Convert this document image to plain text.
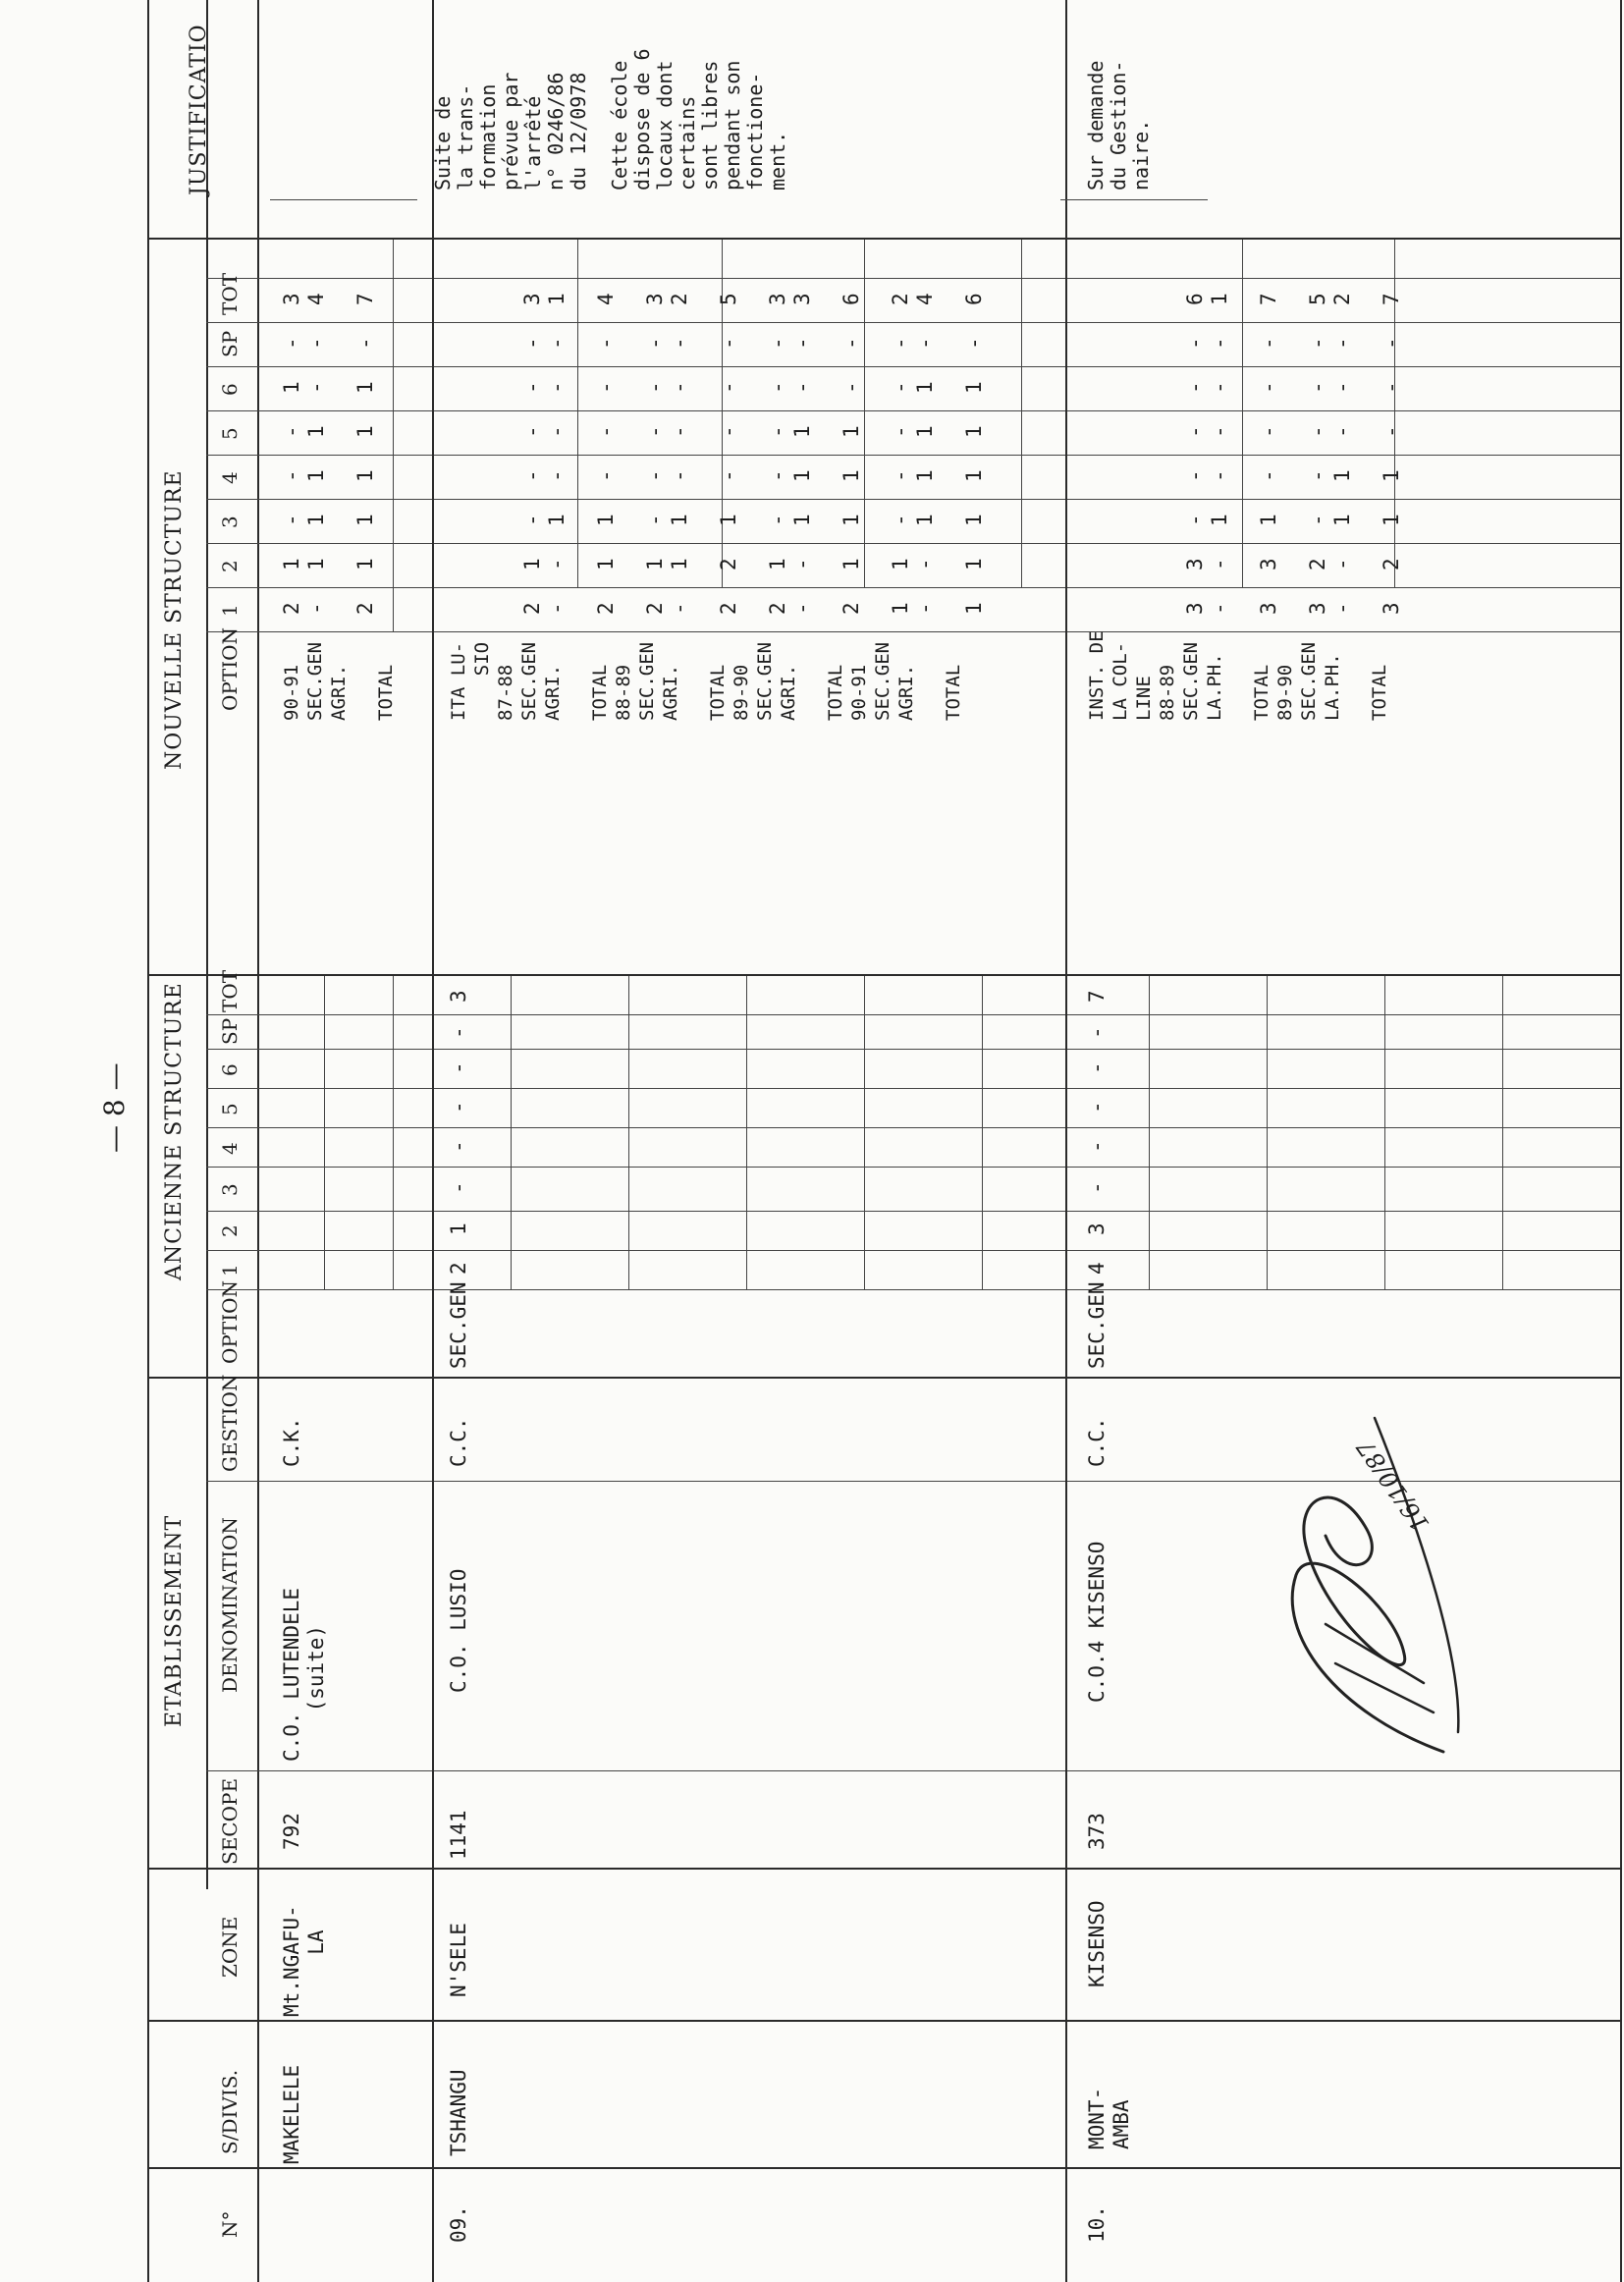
— 8 —
ETABLISSEMENT
ANCIENNE STRUCTURE
NOUVELLE STRUCTURE
JUSTIFICATIO
N°
S/DIVIS.
ZONE
SECOPE
DENOMINATION
GESTION
OPTION
1
2
3
4
5
6
SP
TOT
OPTION
1
2
3
4
5
6
SP
TOT
MAKELELE
Mt.NGAFU-
LA
792
C.O. LUTENDELE
(suite)
C.K.
90-91
SEC.GEN
AGRI.

TOTAL
2
-

2
1
1

1
-
1

1
-
1

1
-
1

1
1
-

1
-
-

-
3
4

7
09.
TSHANGU
N'SELE
1141
C.O. LUSIO
C.C.
SEC.GEN
2
1
-
-
-
-
-
3
ITA LU-
SIO
87-88
SEC.GEN
AGRI.

TOTAL
88-89
SEC.GEN
AGRI.

TOTAL
89-90
SEC.GEN
AGRI.

TOTAL
90-91
SEC.GEN
AGRI.

TOTAL

2
-

2

2
-

2

2
-

2

1
-

1

1
-

1

1
1

2

1
-

1

1
-

1

-
1

1

-
1

1

-
1

1

-
1

1

-
-

-

-
-

-

-
1

1

-
1

1

-
-

-

-
-

-

-
1

1

-
1

1

-
-

-

-
-

-

-
-

-

-
1

1

-
-

-

-
-

-

-
-

-

-
-

-

3
1

4

3
2

5

3
3

6

2
4

6
Suite de
la trans-
formation
prévue par
l'arrêté
n° 0246/86
du 12/0978
Cette école
dispose de 6
locaux dont
certains
sont libres
pendant son
fonctione-
ment.
10.
MONT-
AMBA
KISENSO
373
C.O.4 KISENSO
C.C.
SEC.GEN
4
3
-
-
-
-
-
7
INST. DE
LA COL-
LINE
88-89
SEC.GEN
LA.PH.

TOTAL
89-90
SEC.GEN
LA.PH.

TOTAL

3
-

3

3
-

3

3
-

3

2
-

2

-
1

1

-
1

1

-
-

-

-
1

1

-
-

-

-
-

-

-
-

-

-
-

-

-
-

-

-
-

-

6
1

7

5
2

7
Sur demande
du Gestion-
naire.
16/10/87
